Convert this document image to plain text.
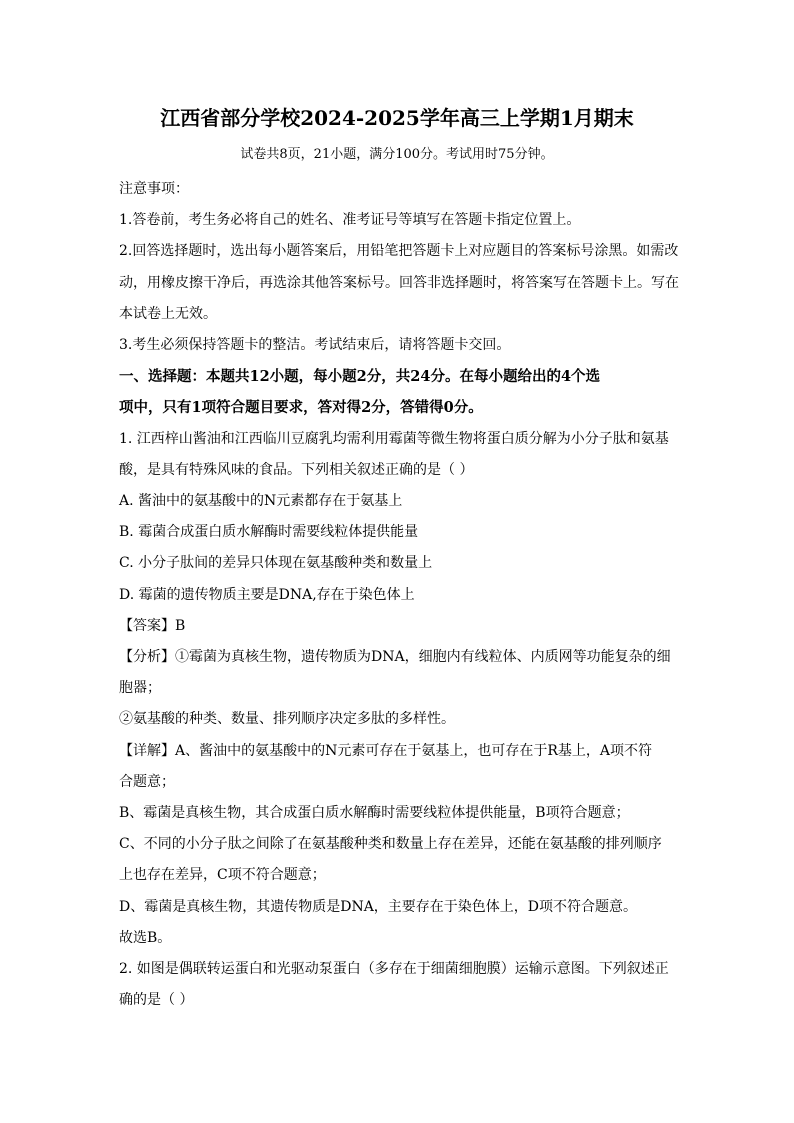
江西省部分学校2024-2025学年高三上学期1月期末
试卷共8页，21小题，满分100分。考试用时75分钟。

注意事项：

1.答卷前，考生务必将自己的姓名、准考证号等填写在答题卡指定位置上。

2.回答选择题时，选出每小题答案后，用铅笔把答题卡上对应题目的答案标号涂黑。如需改

动，用橡皮擦干净后，再选涂其他答案标号。回答非选择题时，将答案写在答题卡上。写在

本试卷上无效。

3.考生必须保持答题卡的整洁。考试结束后，请将答题卡交回。

一、选择题：本题共12小题，每小题2分，共24分。在每小题给出的4个选

项中，只有1项符合题目要求，答对得2分，答错得0分。

1. 江西梓山酱油和江西临川豆腐乳均需利用霉菌等微生物将蛋白质分解为小分子肽和氨基

酸，是具有特殊风味的食品。下列相关叙述正确的是（ ）

A. 酱油中的氨基酸中的N元素都存在于氨基上

B. 霉菌合成蛋白质水解酶时需要线粒体提供能量

C. 小分子肽间的差异只体现在氨基酸种类和数量上

D. 霉菌的遗传物质主要是DNA,存在于染色体上

【答案】B

【分析】①霉菌为真核生物，遗传物质为DNA，细胞内有线粒体、内质网等功能复杂的细

胞器；

②氨基酸的种类、数量、排列顺序决定多肽的多样性。

【详解】A、酱油中的氨基酸中的N元素可存在于氨基上，也可存在于R基上，A项不符

合题意；

B、霉菌是真核生物，其合成蛋白质水解酶时需要线粒体提供能量，B项符合题意；

C、不同的小分子肽之间除了在氨基酸种类和数量上存在差异，还能在氨基酸的排列顺序

上也存在差异，C项不符合题意；

D、霉菌是真核生物，其遗传物质是DNA，主要存在于染色体上，D项不符合题意。

故选B。

2. 如图是偶联转运蛋白和光驱动泵蛋白（多存在于细菌细胞膜）运输示意图。下列叙述正

确的是（ ）
